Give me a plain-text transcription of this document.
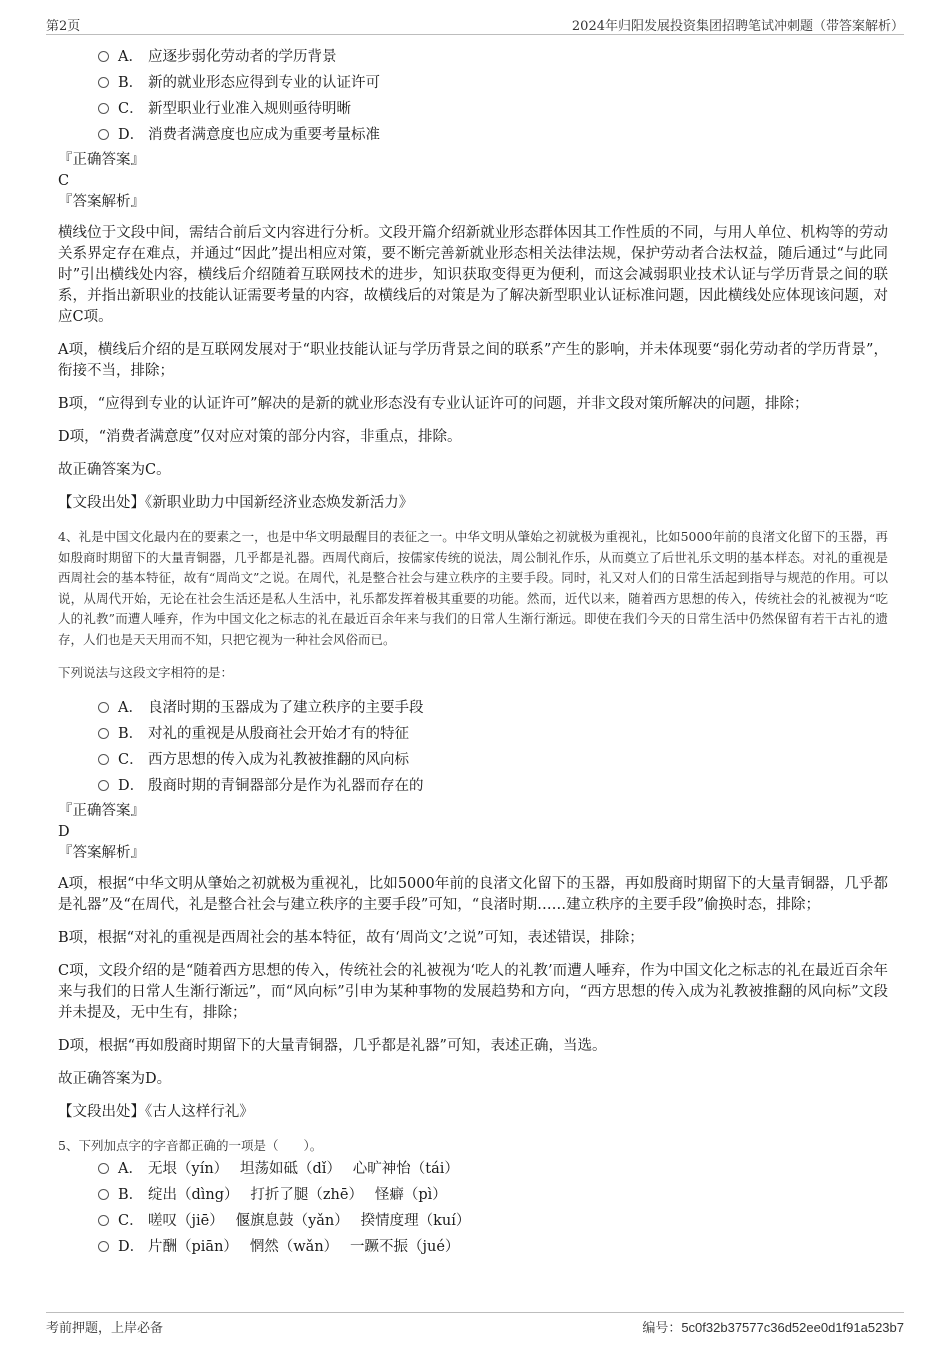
第2页	2024年归阳发展投资集团招聘笔试冲刺题（带答案解析）
A． 应逐步弱化劳动者的学历背景
B． 新的就业形态应得到专业的认证许可
C． 新型职业行业准入规则亟待明晰
D． 消费者满意度也应成为重要考量标准

『正确答案』

C

『答案解析』

横线位于文段中间，需结合前后文内容进行分析。文段开篇介绍新就业形态群体因其工作性质的不同，与用人单位、机构等的劳动关系界定存在难点，并通过“因此”提出相应对策，要不断完善新就业形态相关法律法规，保护劳动者合法权益，随后通过“与此同时”引出横线处内容，横线后介绍随着互联网技术的进步，知识获取变得更为便利，而这会减弱职业技术认证与学历背景之间的联系，并指出新职业的技能认证需要考量的内容，故横线后的对策是为了解决新型职业认证标准问题，因此横线处应体现该问题，对应C项。

A项，横线后介绍的是互联网发展对于“职业技能认证与学历背景之间的联系”产生的影响，并未体现要“弱化劳动者的学历背景”，衔接不当，排除；

B项，“应得到专业的认证许可”解决的是新的就业形态没有专业认证许可的问题，并非文段对策所解决的问题，排除；

D项，“消费者满意度”仅对应对策的部分内容，非重点，排除。

故正确答案为C。

【文段出处】《新职业助力中国新经济业态焕发新活力》

4、礼是中国文化最内在的要素之一，也是中华文明最醒目的表征之一。中华文明从肇始之初就极为重视礼，比如5000年前的良渚文化留下的玉器，再如殷商时期留下的大量青铜器，几乎都是礼器。西周代商后，按儒家传统的说法，周公制礼作乐，从而奠立了后世礼乐文明的基本样态。对礼的重视是西周社会的基本特征，故有“周尚文”之说。在周代，礼是整合社会与建立秩序的主要手段。同时，礼又对人们的日常生活起到指导与规范的作用。可以说，从周代开始，无论在社会生活还是私人生活中，礼乐都发挥着极其重要的功能。然而，近代以来，随着西方思想的传入，传统社会的礼被视为“吃人的礼教”而遭人唾弃，作为中国文化之标志的礼在最近百余年来与我们的日常人生渐行渐远。即使在我们今天的日常生活中仍然保留有若干古礼的遗存，人们也是天天用而不知，只把它视为一种社会风俗而已。

下列说法与这段文字相符的是：

A． 良渚时期的玉器成为了建立秩序的主要手段
B． 对礼的重视是从殷商社会开始才有的特征
C． 西方思想的传入成为礼教被推翻的风向标
D． 殷商时期的青铜器部分是作为礼器而存在的

『正确答案』

D

『答案解析』

A项，根据“中华文明从肇始之初就极为重视礼，比如5000年前的良渚文化留下的玉器，再如殷商时期留下的大量青铜器，几乎都是礼器”及“在周代，礼是整合社会与建立秩序的主要手段”可知，“良渚时期……建立秩序的主要手段”偷换时态，排除；

B项，根据“对礼的重视是西周社会的基本特征，故有‘周尚文’之说”可知，表述错误，排除；

C项，文段介绍的是“随着西方思想的传入，传统社会的礼被视为‘吃人的礼教’而遭人唾弃，作为中国文化之标志的礼在最近百余年来与我们的日常人生渐行渐远”，而“风向标”引申为某种事物的发展趋势和方向，“西方思想的传入成为礼教被推翻的风向标”文段并未提及，无中生有，排除；

D项，根据“再如殷商时期留下的大量青铜器，几乎都是礼器”可知，表述正确，当选。

故正确答案为D。

【文段出处】《古人这样行礼》

5、下列加点字的字音都正确的一项是（　　）。

A． 无垠（yín）　 坦荡如砥（dǐ）　 心旷神怡（tái）
B． 绽出（dìng）　 打折了腿（zhē）　 怪癖（pì）
C． 嗟叹（jiē）　 偃旗息鼓（yǎn）　 揆情度理（kuí）
D． 片酬（piān）　 惘然（wǎn）　 一蹶不振（jué）
考前押题，上岸必备	编号：5c0f32b37577c36d52ee0d1f91a523b7
